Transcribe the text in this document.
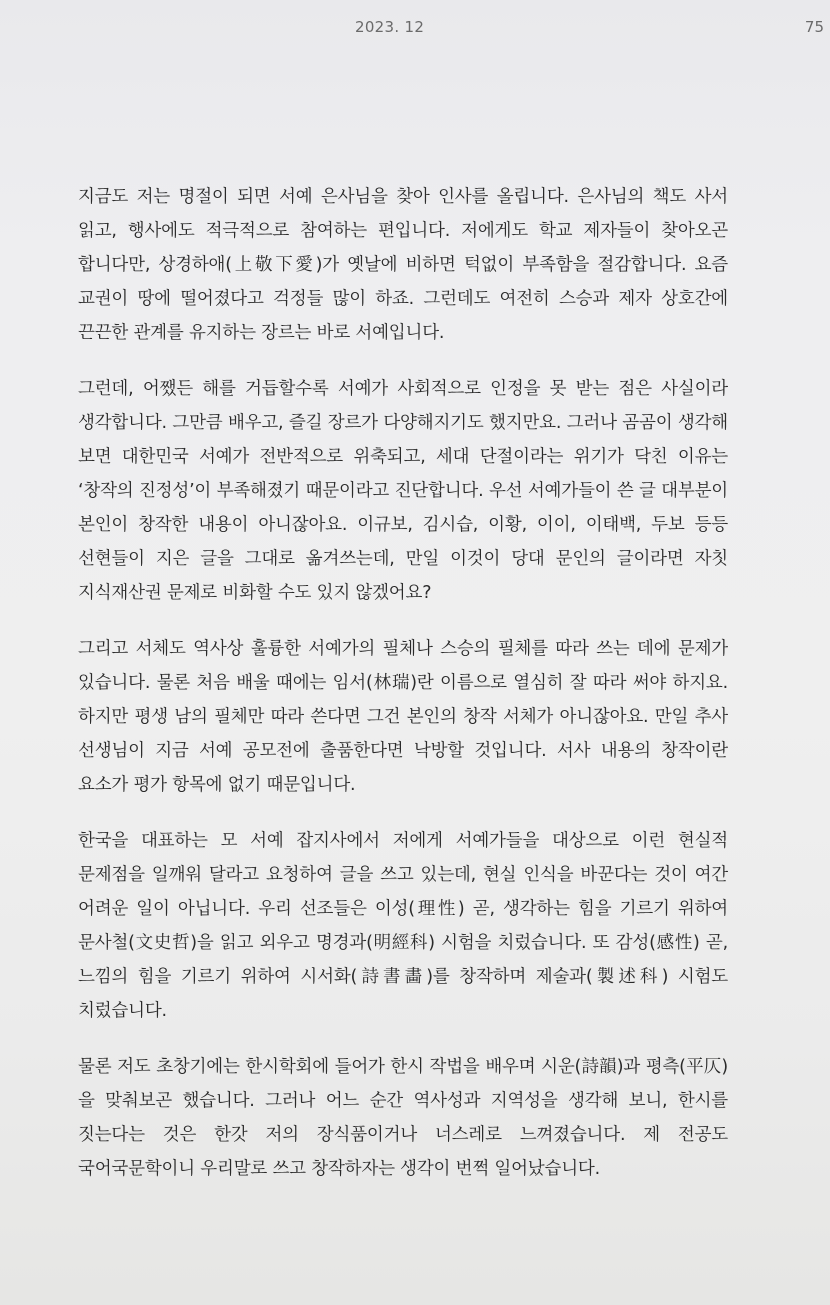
2023. 12	75

지금도 저는 명절이 되면 서예 은사님을 찾아 인사를 올립니다. 은사님의 책도 사서 읽고, 행사에도 적극적으로 참여하는 편입니다. 저에게도 학교 제자들이 찾아오곤 합니다만, 상경하애(上敬下愛)가 옛날에 비하면 턱없이 부족함을 절감합니다. 요즘 교권이 땅에 떨어졌다고 걱정들 많이 하죠. 그런데도 여전히 스승과 제자 상호간에 끈끈한 관계를 유지하는 장르는 바로 서예입니다.

그런데, 어쨌든 해를 거듭할수록 서예가 사회적으로 인정을 못 받는 점은 사실이라 생각합니다. 그만큼 배우고, 즐길 장르가 다양해지기도 했지만요. 그러나 곰곰이 생각해 보면 대한민국 서예가 전반적으로 위축되고, 세대 단절이라는 위기가 닥친 이유는 ‘창작의 진정성’이 부족해졌기 때문이라고 진단합니다. 우선 서예가들이 쓴 글 대부분이 본인이 창작한 내용이 아니잖아요. 이규보, 김시습, 이황, 이이, 이태백, 두보 등등 선현들이 지은 글을 그대로 옮겨쓰는데, 만일 이것이 당대 문인의 글이라면 자칫 지식재산권 문제로 비화할 수도 있지 않겠어요?

그리고 서체도 역사상 훌륭한 서예가의 필체나 스승의 필체를 따라 쓰는 데에 문제가 있습니다. 물론 처음 배울 때에는 임서(林瑞)란 이름으로 열심히 잘 따라 써야 하지요. 하지만 평생 남의 필체만 따라 쓴다면 그건 본인의 창작 서체가 아니잖아요. 만일 추사 선생님이 지금 서예 공모전에 출품한다면 낙방할 것입니다. 서사 내용의 창작이란 요소가 평가 항목에 없기 때문입니다.

한국을 대표하는 모 서예 잡지사에서 저에게 서예가들을 대상으로 이런 현실적 문제점을 일깨워 달라고 요청하여 글을 쓰고 있는데, 현실 인식을 바꾼다는 것이 여간 어려운 일이 아닙니다. 우리 선조들은 이성(理性) 곧, 생각하는 힘을 기르기 위하여 문사철(文史哲)을 읽고 외우고 명경과(明經科) 시험을 치렀습니다. 또 감성(感性) 곧, 느낌의 힘을 기르기 위하여 시서화(詩書畵)를 창작하며 제술과(製述科) 시험도 치렀습니다.

물론 저도 초창기에는 한시학회에 들어가 한시 작법을 배우며 시운(詩韻)과 평측(平仄)을 맞춰보곤 했습니다. 그러나 어느 순간 역사성과 지역성을 생각해 보니, 한시를 짓는다는 것은 한갓 저의 장식품이거나 너스레로 느껴졌습니다. 제 전공도 국어국문학이니 우리말로 쓰고 창작하자는 생각이 번쩍 일어났습니다.
